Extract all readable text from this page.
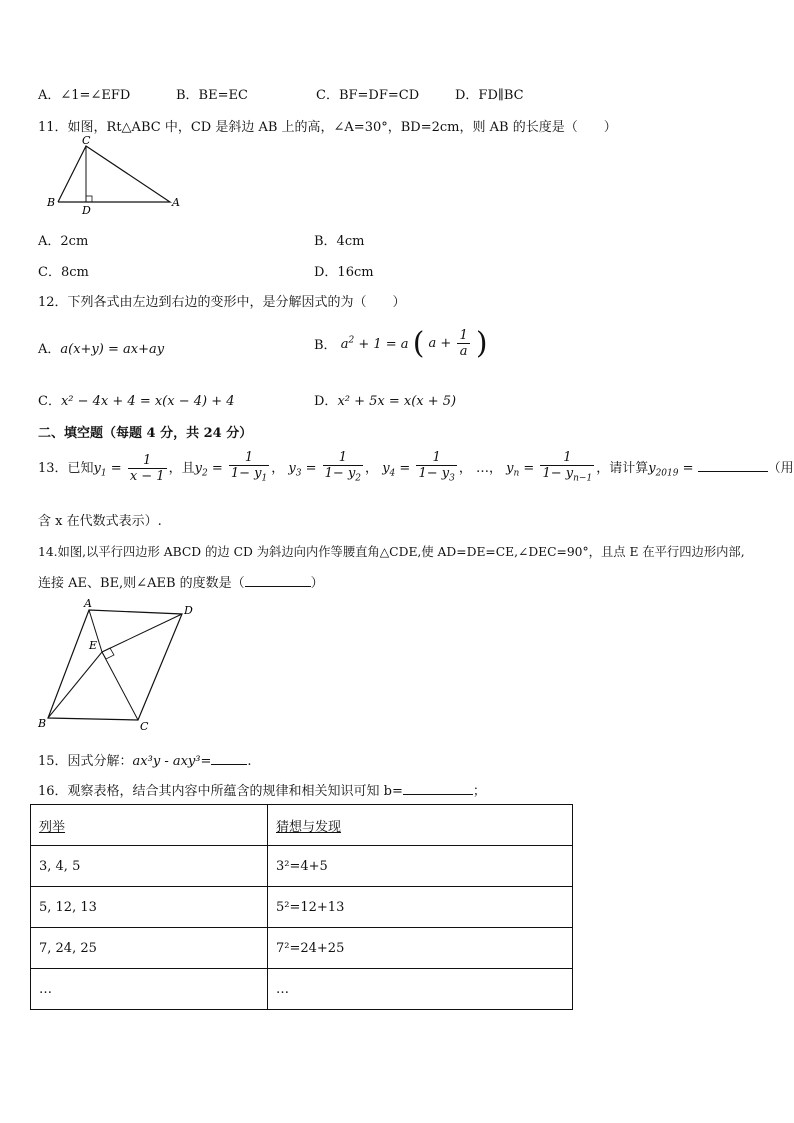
A．∠1=∠EFD	B．BE=EC	C．BF=DF=CD	D．FD∥BC
11．如图，Rt△ABC 中，CD 是斜边 AB 上的高，∠A=30°，BD=2cm，则 AB 的长度是（　　）
C
B
D
A
A．2cm	B．4cm
C．8cm	D．16cm
12．下列各式由左边到右边的变形中，是分解因式的为（　　）
A．a(x+y) = ax+ay	B． $a^2 + 1 = a$ ( $a + \frac{1}{a}$ )
C．x² − 4x + 4 = x(x − 4) + 4	D．x² + 5x = x(x + 5)
二、填空题（每题 4 分，共 24 分）
13．已知$y_1 = \frac{1}{x - 1}$ ，且$y_2 = \frac{1}{1- y_1}$ ， $y_3 = \frac{1}{1- y_2}$ ， $y_4 = \frac{1}{1- y_3}$ ， …， $y_n = \frac{1}{1- y_{n-1}}$ ，请计算$y_{2019}$ =	（用
含 x 在代数式表示）.
14.如图,以平行四边形 ABCD 的边 CD 为斜边向内作等腰直角△CDE,使 AD=DE=CE,∠DEC=90°，且点 E 在平行四边形内部,
连接 AE、BE,则∠AEB 的度数是（	）
A
D
E
B	C
15．因式分解：ax³y - axy³=	.
16．观察表格，结合其内容中所蕴含的规律和相关知识可知 b=	；
列举	猜想与发现
3, 4, 5	3²=4+5
5, 12, 13	5²=12+13
7, 24, 25	7²=24+25
…	…
